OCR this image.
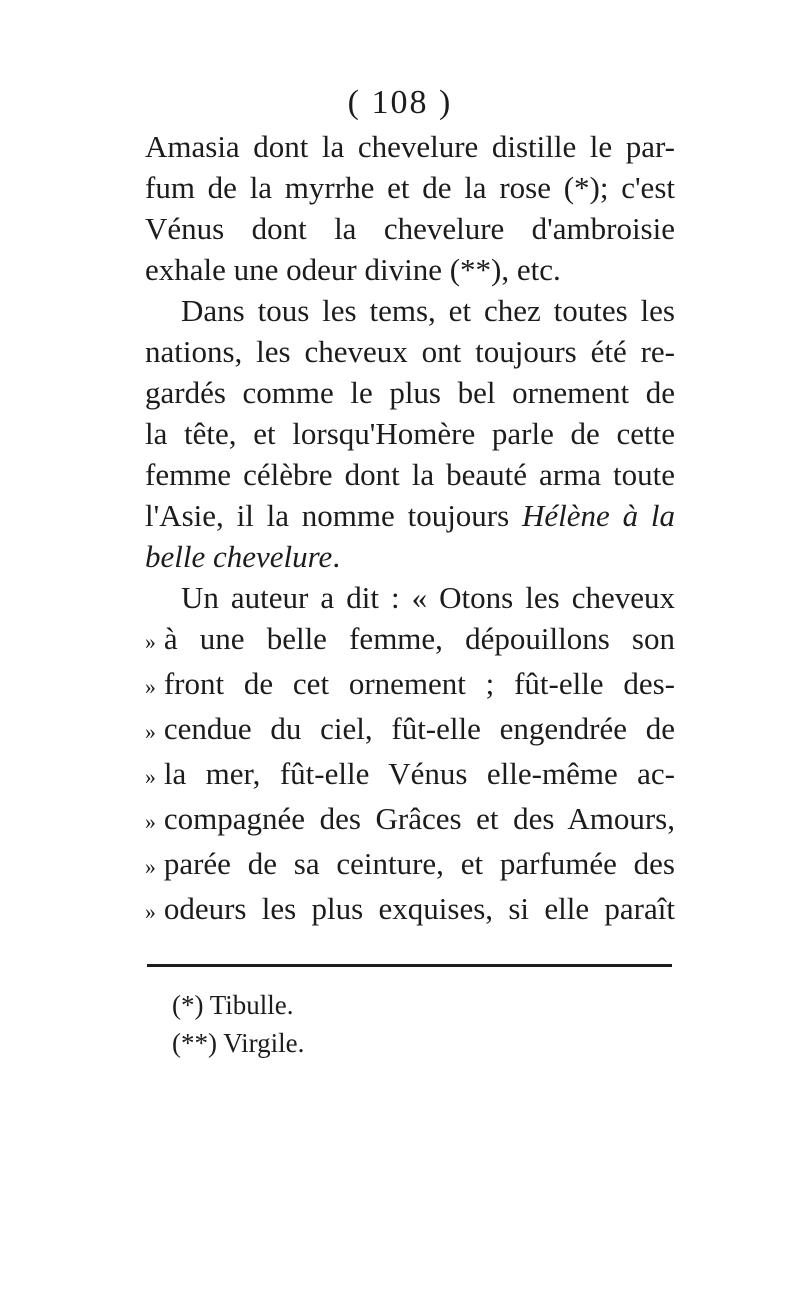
( 108 )

Amasia dont la chevelure distille le par-

fum de la myrrhe et de la rose (*); c'est

Vénus dont la chevelure d'ambroisie

exhale une odeur divine (**), etc.

Dans tous les tems, et chez toutes les

nations, les cheveux ont toujours été re-

gardés comme le plus bel ornement de

la tête, et lorsqu'Homère parle de cette

femme célèbre dont la beauté arma toute

l'Asie, il la nomme toujours Hélène à la

belle chevelure.

Un auteur a dit : « Otons les cheveux

» à une belle femme, dépouillons son

» front de cet ornement ; fût-elle des-

» cendue du ciel, fût-elle engendrée de

» la mer, fût-elle Vénus elle-même ac-

» compagnée des Grâces et des Amours,

» parée de sa ceinture, et parfumée des

» odeurs les plus exquises, si elle paraît

(*) Tibulle.
(**) Virgile.
